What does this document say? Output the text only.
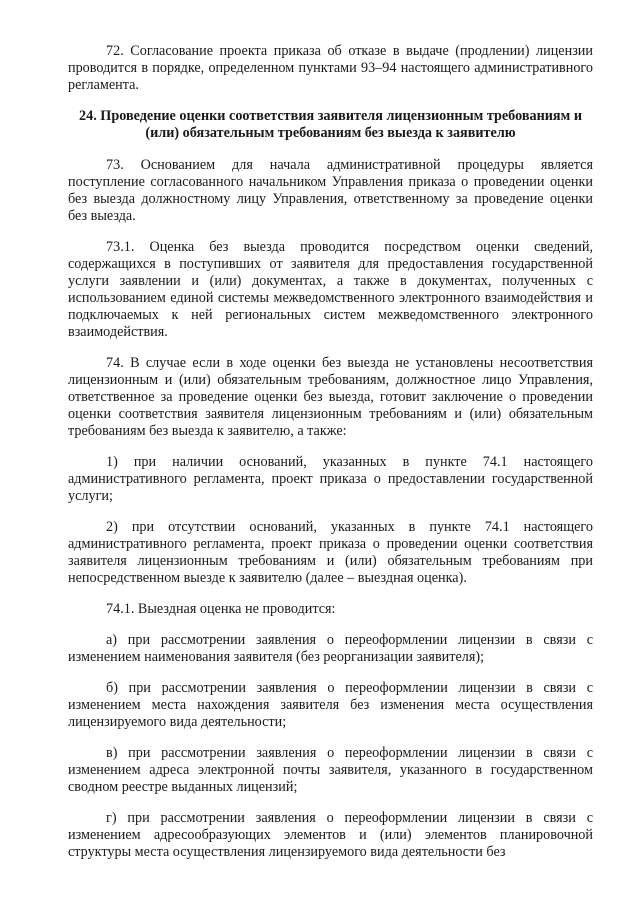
72. Согласование проекта приказа об отказе в выдаче (продлении) лицензии проводится в порядке, определенном пунктами 93–94 настоящего административного регламента.

24. Проведение оценки соответствия заявителя лицензионным требованиям и (или) обязательным требованиям без выезда к заявителю

73. Основанием для начала административной процедуры является поступление согласованного начальником Управления приказа о проведении оценки без выезда должностному лицу Управления, ответственному за проведение оценки без выезда.

73.1. Оценка без выезда проводится посредством оценки сведений, содержащихся в поступивших от заявителя для предоставления государственной услуги заявлении и (или) документах, а также в документах, полученных с использованием единой системы межведомственного электронного взаимодействия и подключаемых к ней региональных систем межведомственного электронного взаимодействия.

74. В случае если в ходе оценки без выезда не установлены несоответствия лицензионным и (или) обязательным требованиям, должностное лицо Управления, ответственное за проведение оценки без выезда, готовит заключение о проведении оценки соответствия заявителя лицензионным требованиям и (или) обязательным требованиям без выезда к заявителю, а также:

1) при наличии оснований, указанных в пункте 74.1 настоящего административного регламента, проект приказа о предоставлении государственной услуги;

2) при отсутствии оснований, указанных в пункте 74.1 настоящего административного регламента, проект приказа о проведении оценки соответствия заявителя лицензионным требованиям и (или) обязательным требованиям при непосредственном выезде к заявителю (далее – выездная оценка).

74.1. Выездная оценка не проводится:

а) при рассмотрении заявления о переоформлении лицензии в связи с изменением наименования заявителя (без реорганизации заявителя);

б) при рассмотрении заявления о переоформлении лицензии в связи с изменением места нахождения заявителя без изменения места осуществления лицензируемого вида деятельности;

в) при рассмотрении заявления о переоформлении лицензии в связи с изменением адреса электронной почты заявителя, указанного в государственном сводном реестре выданных лицензий;

г) при рассмотрении заявления о переоформлении лицензии в связи с изменением адресообразующих элементов и (или) элементов планировочной структуры места осуществления лицензируемого вида деятельности без
